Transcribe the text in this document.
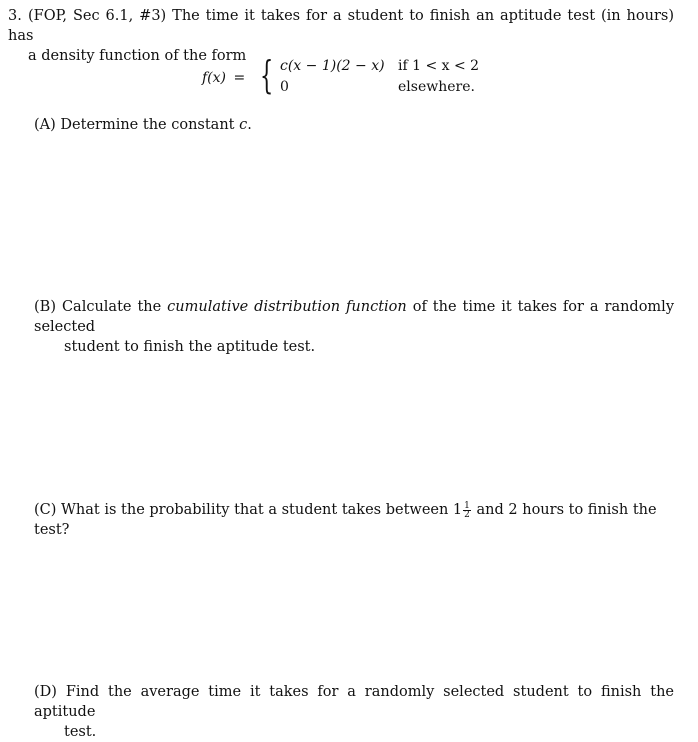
3. (FOP, Sec 6.1, #3) The time it takes for a student to finish an aptitude test (in hours) has
a density function of the form
f(x) = { c(x − 1)(2 − x) if 1 < x < 2
0	elsewhere.
(A) Determine the constant c.
(B) Calculate the cumulative distribution function of the time it takes for a randomly selected
student to finish the aptitude test.
(C) What is the probability that a student takes between $1 \frac{1}{2}$ and 2 hours to finish the test?
(D) Find the average time it takes for a randomly selected student to finish the aptitude
test.
